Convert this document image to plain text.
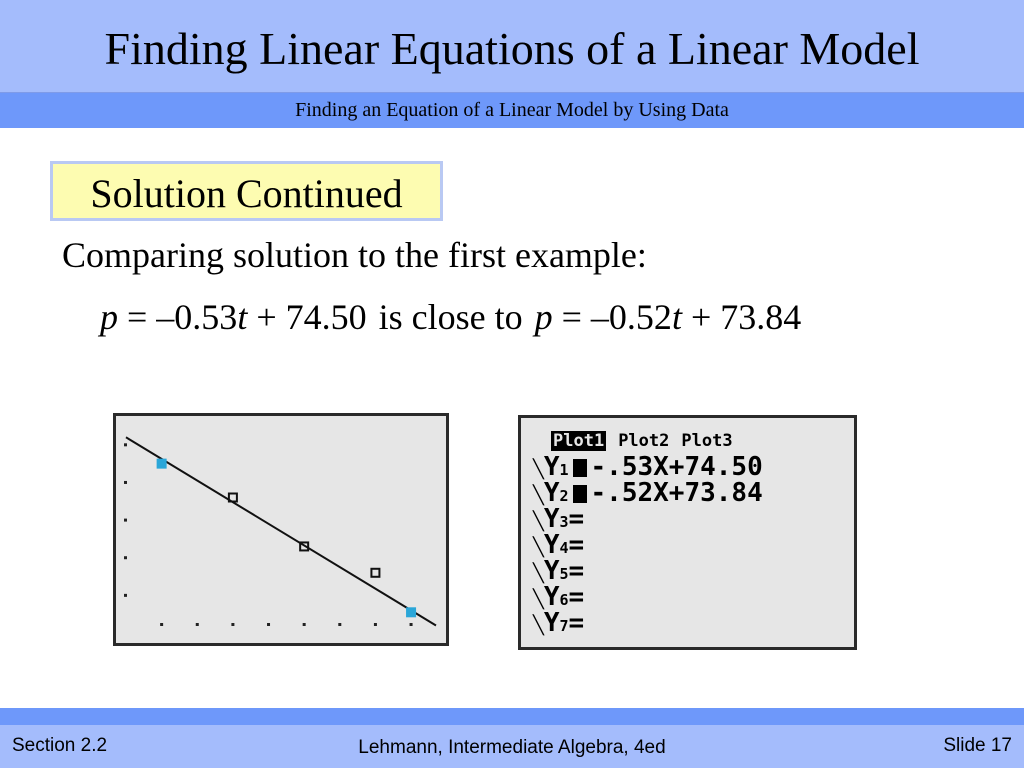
Finding Linear Equations of a Linear Model
Finding an Equation of a Linear Model by Using Data
Solution Continued
Comparing solution to the first example:
p = –0.53t + 74.50 is close to p = –0.52t + 73.84
Plot1 Plot2 Plot3
╲Y1 -.53X+74.50
╲Y2 -.52X+73.84
╲Y3=
╲Y4=
╲Y5=
╲Y6=
╲Y7=
Section 2.2	Lehmann, Intermediate Algebra, 4ed	Slide 17
